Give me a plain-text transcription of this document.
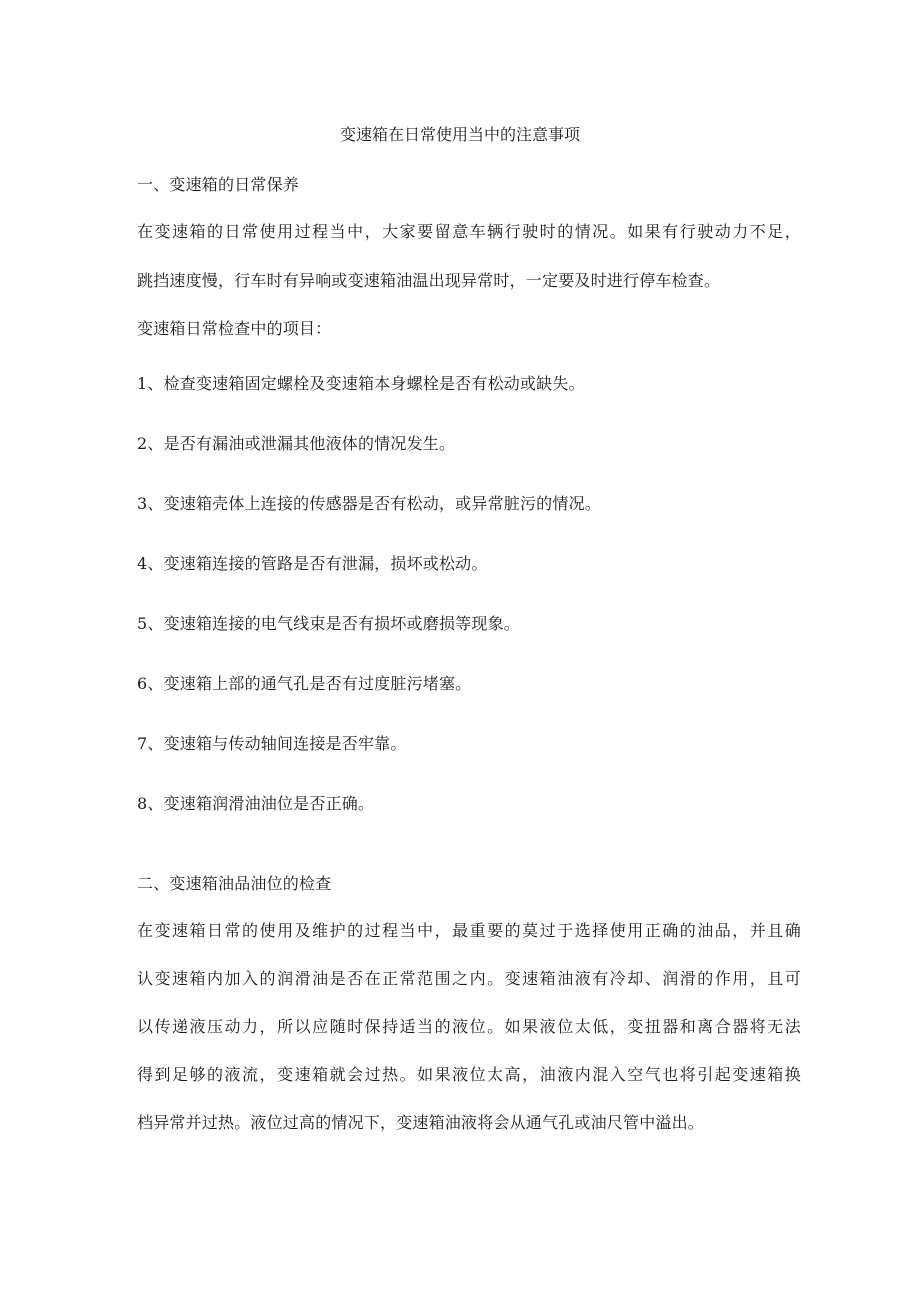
变速箱在日常使用当中的注意事项
一、变速箱的日常保养
在变速箱的日常使用过程当中，大家要留意车辆行驶时的情况。如果有行驶动力不足，
跳挡速度慢，行车时有异响或变速箱油温出现异常时，一定要及时进行停车检查。
变速箱日常检查中的项目：
1、检查变速箱固定螺栓及变速箱本身螺栓是否有松动或缺失。
2、是否有漏油或泄漏其他液体的情况发生。
3、变速箱壳体上连接的传感器是否有松动，或异常脏污的情况。
4、变速箱连接的管路是否有泄漏，损坏或松动。
5、变速箱连接的电气线束是否有损坏或磨损等现象。
6、变速箱上部的通气孔是否有过度脏污堵塞。
7、变速箱与传动轴间连接是否牢靠。
8、变速箱润滑油油位是否正确。
二、变速箱油品油位的检查
在变速箱日常的使用及维护的过程当中，最重要的莫过于选择使用正确的油品，并且确
认变速箱内加入的润滑油是否在正常范围之内。变速箱油液有冷却、润滑的作用，且可
以传递液压动力，所以应随时保持适当的液位。如果液位太低，变扭器和离合器将无法
得到足够的液流，变速箱就会过热。如果液位太高，油液内混入空气也将引起变速箱换
档异常并过热。液位过高的情况下，变速箱油液将会从通气孔或油尺管中溢出。
